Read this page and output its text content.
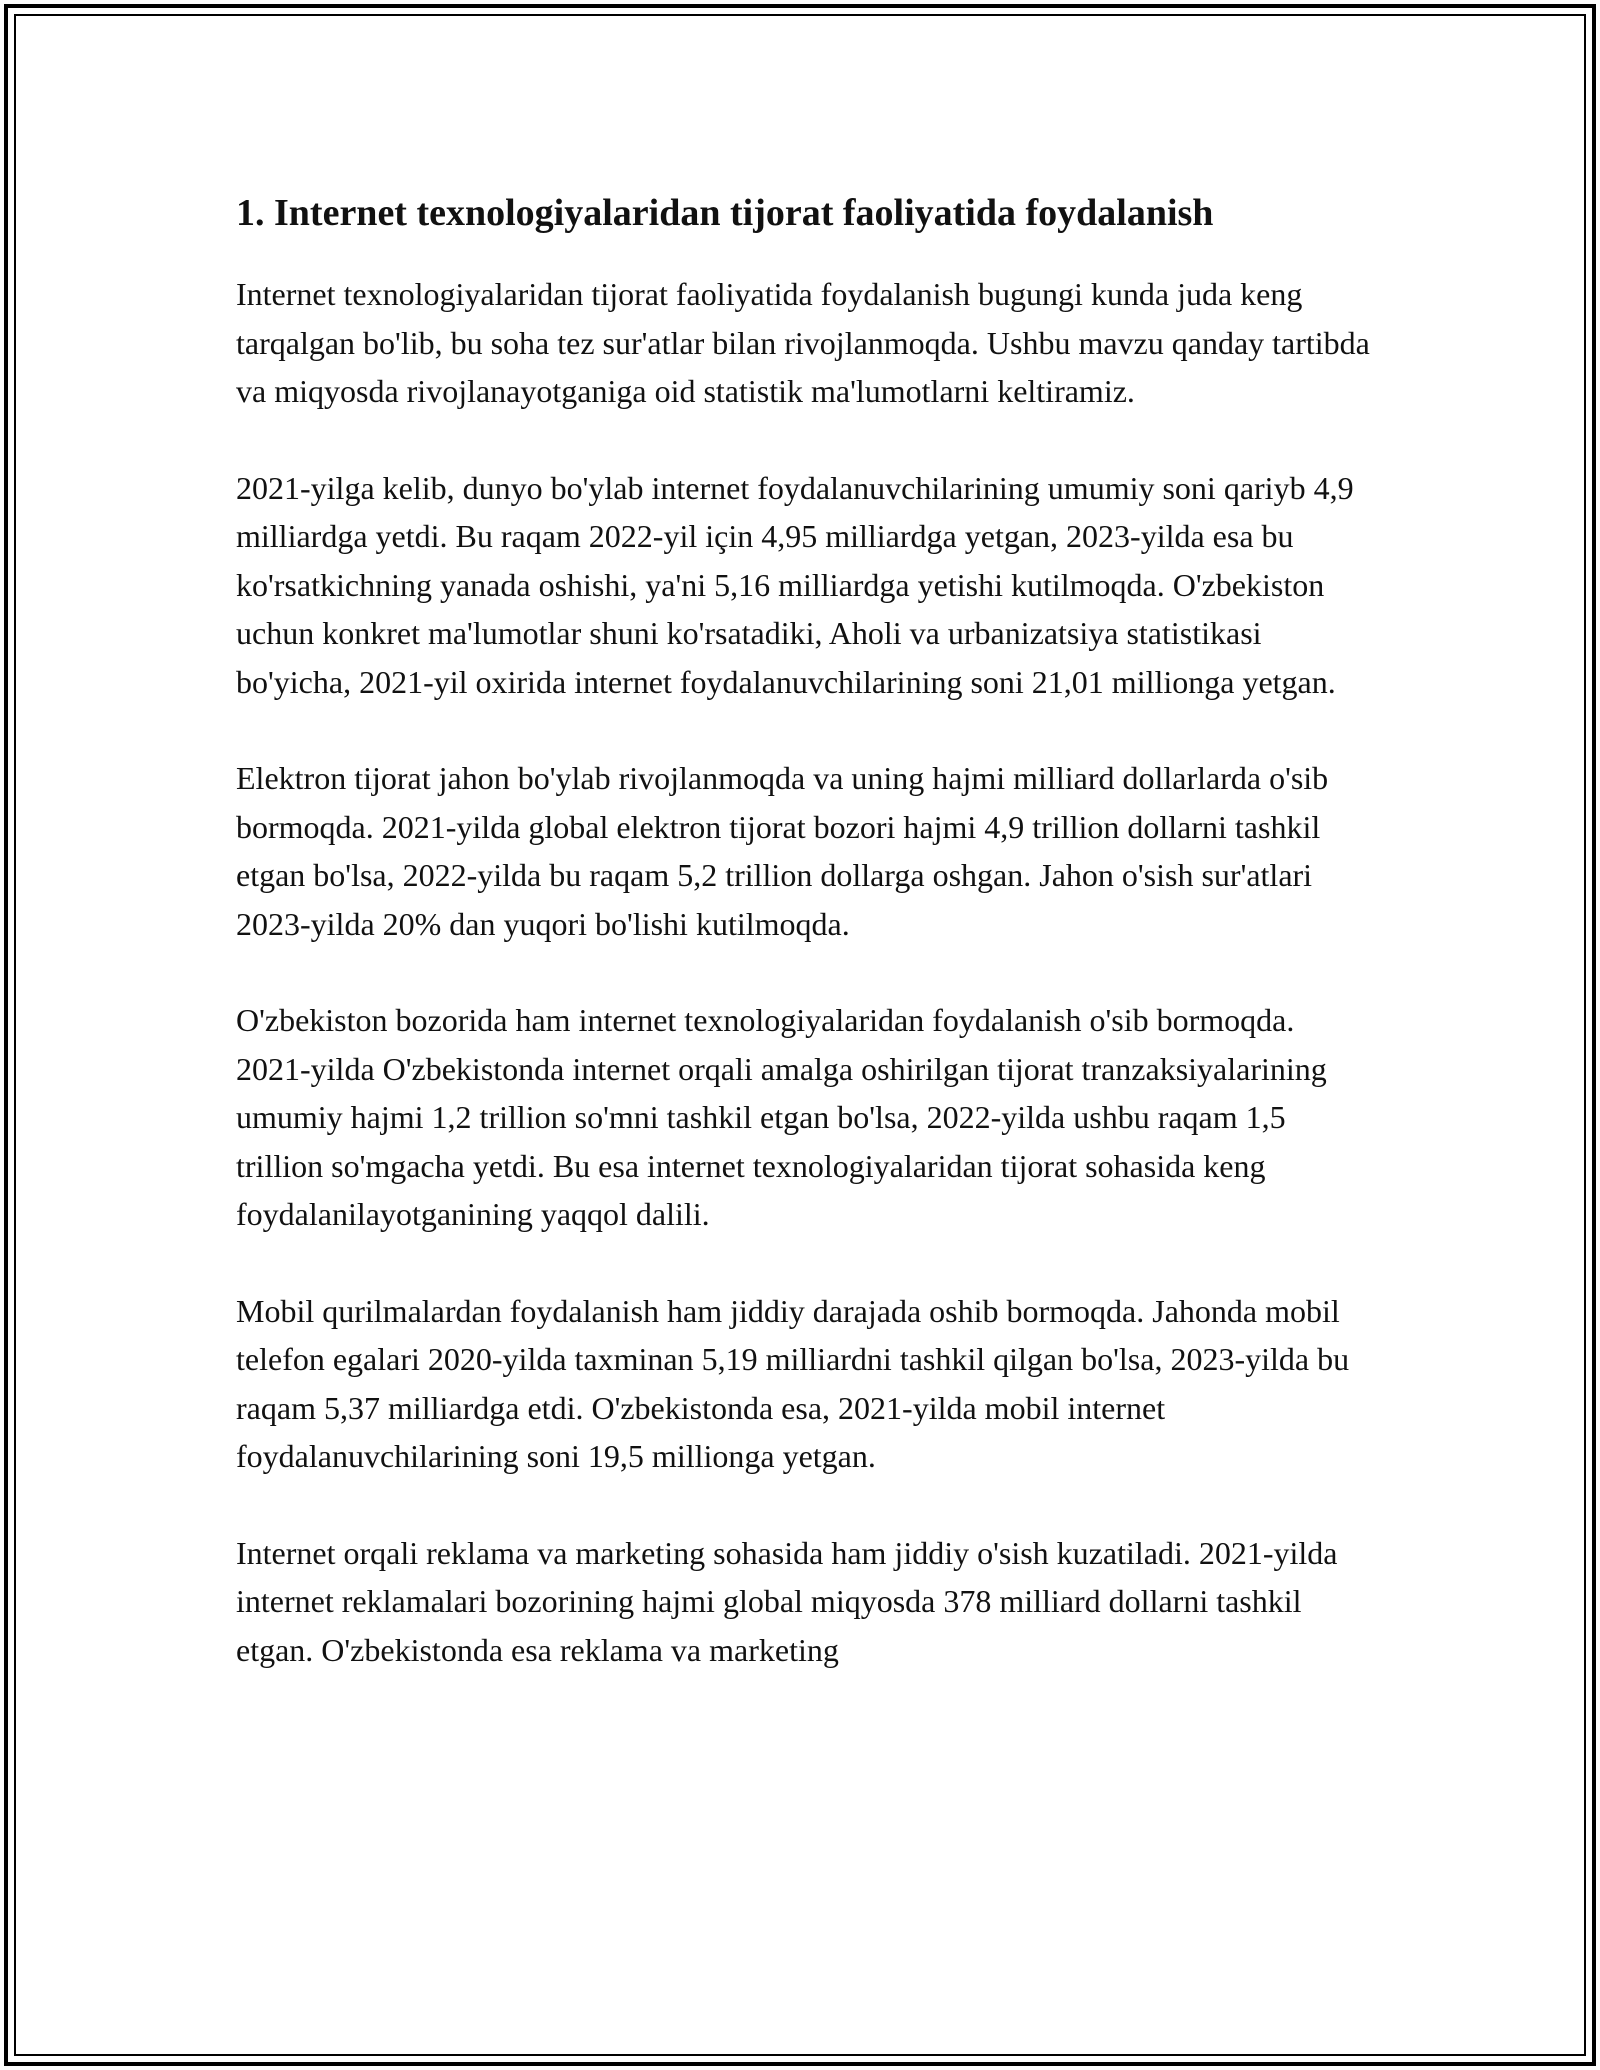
1. Internet texnologiyalaridan tijorat faoliyatida foydalanish

Internet texnologiyalaridan tijorat faoliyatida foydalanish bugungi kunda juda keng tarqalgan bo'lib, bu soha tez sur'atlar bilan rivojlanmoqda. Ushbu mavzu qanday tartibda va miqyosda rivojlanayotganiga oid statistik ma'lumotlarni keltiramiz.

2021-yilga kelib, dunyo bo'ylab internet foydalanuvchilarining umumiy soni qariyb 4,9 milliardga yetdi. Bu raqam 2022-yil için 4,95 milliardga yetgan, 2023-yilda esa bu ko'rsatkichning yanada oshishi, ya'ni 5,16 milliardga yetishi kutilmoqda. O'zbekiston uchun konkret ma'lumotlar shuni ko'rsatadiki, Aholi va urbanizatsiya statistikasi bo'yicha, 2021-yil oxirida internet foydalanuvchilarining soni 21,01 millionga yetgan.

Elektron tijorat jahon bo'ylab rivojlanmoqda va uning hajmi milliard dollarlarda o'sib bormoqda. 2021-yilda global elektron tijorat bozori hajmi 4,9 trillion dollarni tashkil etgan bo'lsa, 2022-yilda bu raqam 5,2 trillion dollarga oshgan. Jahon o'sish sur'atlari 2023-yilda 20% dan yuqori bo'lishi kutilmoqda.

O'zbekiston bozorida ham internet texnologiyalaridan foydalanish o'sib bormoqda. 2021-yilda O'zbekistonda internet orqali amalga oshirilgan tijorat tranzaksiyalarining umumiy hajmi 1,2 trillion so'mni tashkil etgan bo'lsa, 2022-yilda ushbu raqam 1,5 trillion so'mgacha yetdi. Bu esa internet texnologiyalaridan tijorat sohasida keng foydalanilayotganining yaqqol dalili.

Mobil qurilmalardan foydalanish ham jiddiy darajada oshib bormoqda. Jahonda mobil telefon egalari 2020-yilda taxminan 5,19 milliardni tashkil qilgan bo'lsa, 2023-yilda bu raqam 5,37 milliardga etdi. O'zbekistonda esa, 2021-yilda mobil internet foydalanuvchilarining soni 19,5 millionga yetgan.

Internet orqali reklama va marketing sohasida ham jiddiy o'sish kuzatiladi. 2021-yilda internet reklamalari bozorining hajmi global miqyosda 378 milliard dollarni tashkil etgan. O'zbekistonda esa reklama va marketing
